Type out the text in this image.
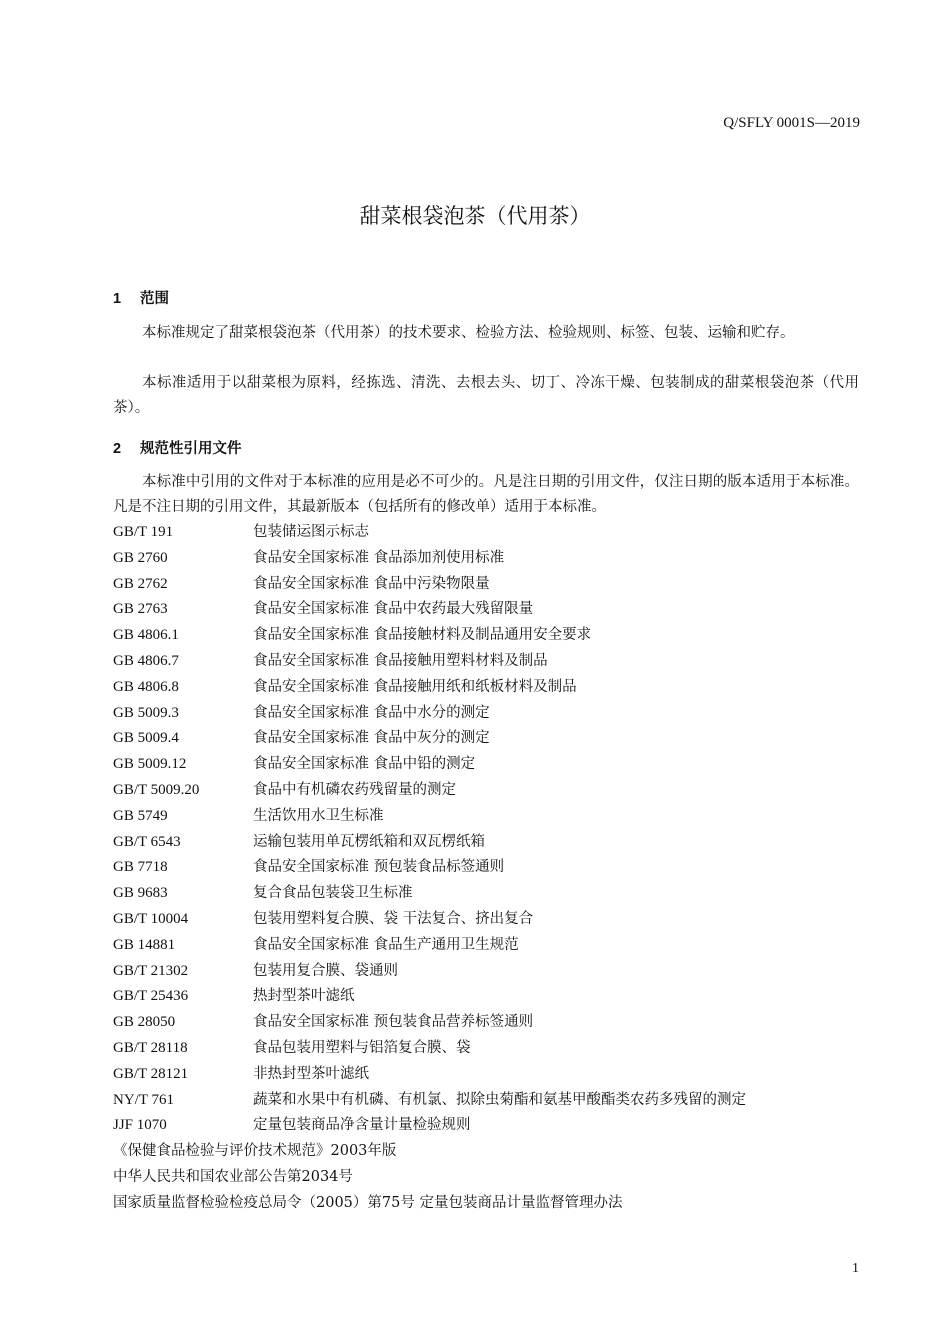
Q/SFLY 0001S—2019
甜菜根袋泡茶（代用茶）
1 范围
本标准规定了甜菜根袋泡茶（代用茶）的技术要求、检验方法、检验规则、标签、包装、运输和贮存。
本标准适用于以甜菜根为原料，经拣选、清洗、去根去头、切丁、冷冻干燥、包装制成的甜菜根袋泡茶（代用茶）。
2 规范性引用文件
本标准中引用的文件对于本标准的应用是必不可少的。凡是注日期的引用文件，仅注日期的版本适用于本标准。凡是不注日期的引用文件，其最新版本（包括所有的修改单）适用于本标准。
GB/T 191	包装储运图示标志
GB 2760	食品安全国家标准 食品添加剂使用标准
GB 2762	食品安全国家标准 食品中污染物限量
GB 2763	食品安全国家标准 食品中农药最大残留限量
GB 4806.1	食品安全国家标准 食品接触材料及制品通用安全要求
GB 4806.7	食品安全国家标准 食品接触用塑料材料及制品
GB 4806.8	食品安全国家标准 食品接触用纸和纸板材料及制品
GB 5009.3	食品安全国家标准 食品中水分的测定
GB 5009.4	食品安全国家标准 食品中灰分的测定
GB 5009.12	食品安全国家标准 食品中铅的测定
GB/T 5009.20	食品中有机磷农药残留量的测定
GB 5749	生活饮用水卫生标准
GB/T 6543	运输包装用单瓦楞纸箱和双瓦楞纸箱
GB 7718	食品安全国家标准 预包装食品标签通则
GB 9683	复合食品包装袋卫生标准
GB/T 10004	包装用塑料复合膜、袋 干法复合、挤出复合
GB 14881	食品安全国家标准 食品生产通用卫生规范
GB/T 21302	包装用复合膜、袋通则
GB/T 25436	热封型茶叶滤纸
GB 28050	食品安全国家标准 预包装食品营养标签通则
GB/T 28118	食品包装用塑料与铝箔复合膜、袋
GB/T 28121	非热封型茶叶滤纸
NY/T 761	蔬菜和水果中有机磷、有机氯、拟除虫菊酯和氨基甲酸酯类农药多残留的测定
JJF 1070	定量包装商品净含量计量检验规则
《保健食品检验与评价技术规范》2003年版
中华人民共和国农业部公告第2034号
国家质量监督检验检疫总局令（2005）第75号 定量包装商品计量监督管理办法
1
